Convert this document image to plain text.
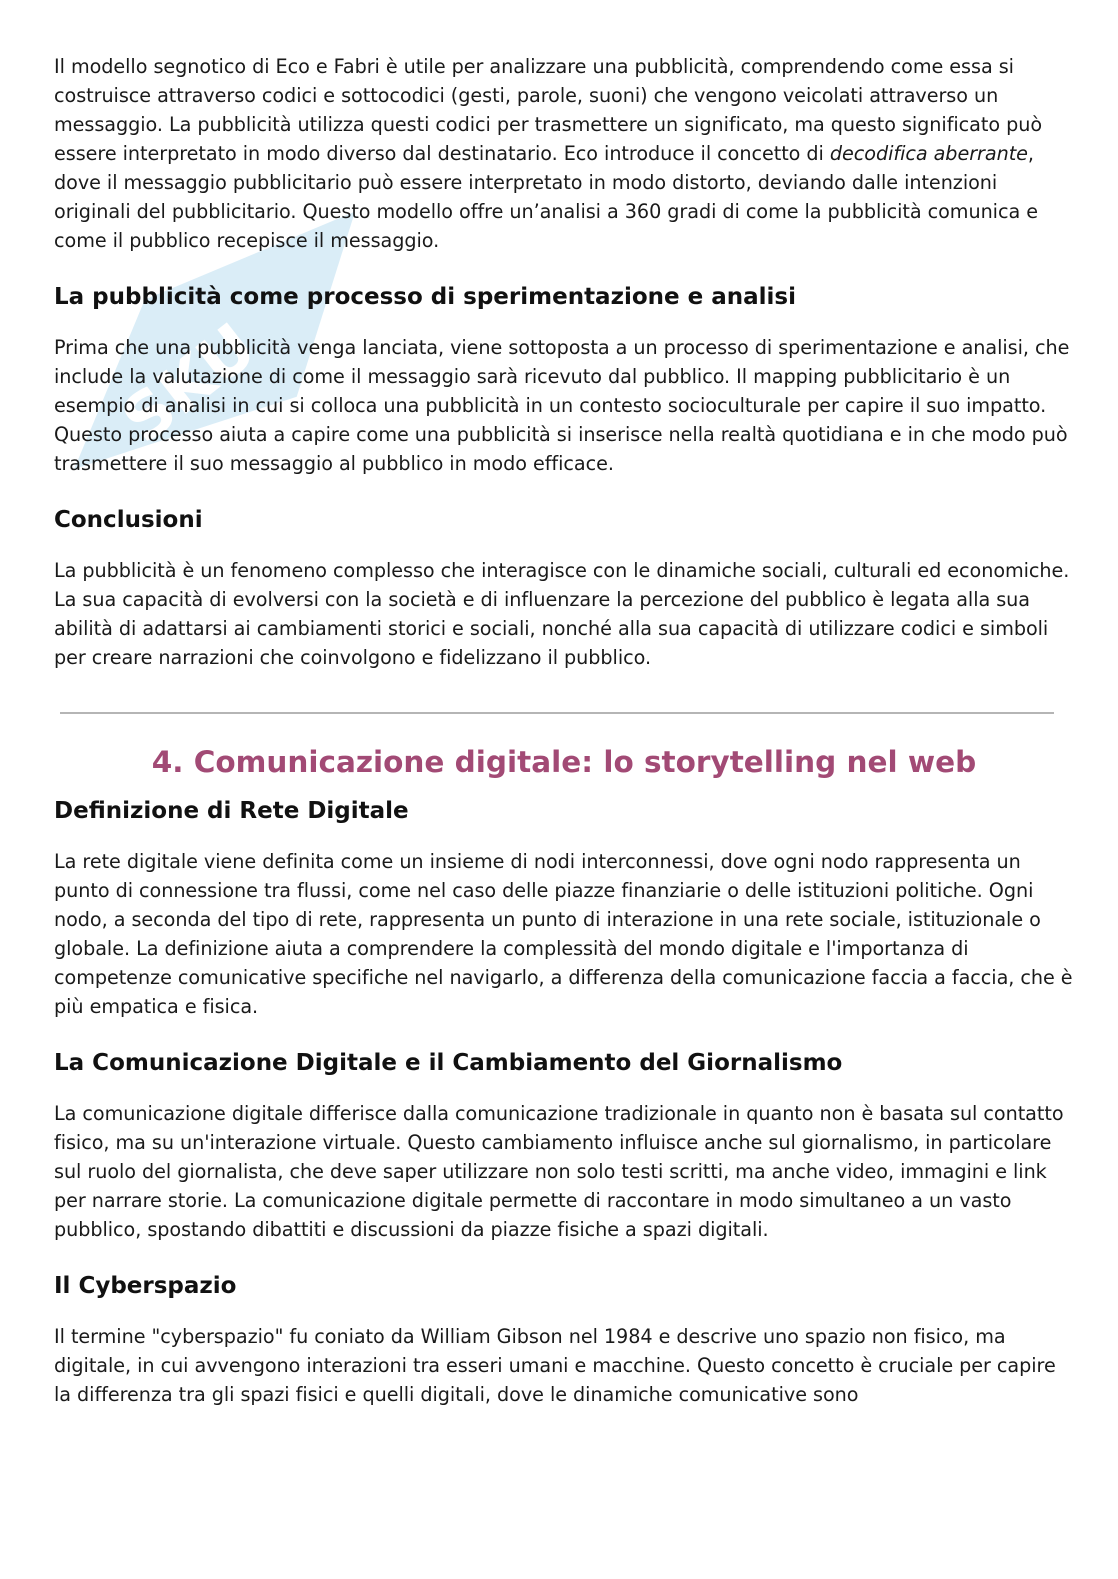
SKU

Il modello segnotico di Eco e Fabri è utile per analizzare una pubblicità, comprendendo come essa si costruisce attraverso codici e sottocodici (gesti, parole, suoni) che vengono veicolati attraverso un messaggio. La pubblicità utilizza questi codici per trasmettere un significato, ma questo significato può essere interpretato in modo diverso dal destinatario. Eco introduce il concetto di decodifica aberrante, dove il messaggio pubblicitario può essere interpretato in modo distorto, deviando dalle intenzioni originali del pubblicitario. Questo modello offre un’analisi a 360 gradi di come la pubblicità comunica e come il pubblico recepisce il messaggio.

La pubblicità come processo di sperimentazione e analisi

Prima che una pubblicità venga lanciata, viene sottoposta a un processo di sperimentazione e analisi, che include la valutazione di come il messaggio sarà ricevuto dal pubblico. Il mapping pubblicitario è un esempio di analisi in cui si colloca una pubblicità in un contesto socioculturale per capire il suo impatto. Questo processo aiuta a capire come una pubblicità si inserisce nella realtà quotidiana e in che modo può trasmettere il suo messaggio al pubblico in modo efficace.

Conclusioni

La pubblicità è un fenomeno complesso che interagisce con le dinamiche sociali, culturali ed economiche. La sua capacità di evolversi con la società e di influenzare la percezione del pubblico è legata alla sua abilità di adattarsi ai cambiamenti storici e sociali, nonché alla sua capacità di utilizzare codici e simboli per creare narrazioni che coinvolgono e fidelizzano il pubblico.

4. Comunicazione digitale: lo storytelling nel web
Definizione di Rete Digitale

La rete digitale viene definita come un insieme di nodi interconnessi, dove ogni nodo rappresenta un punto di connessione tra flussi, come nel caso delle piazze finanziarie o delle istituzioni politiche. Ogni nodo, a seconda del tipo di rete, rappresenta un punto di interazione in una rete sociale, istituzionale o globale. La definizione aiuta a comprendere la complessità del mondo digitale e l'importanza di competenze comunicative specifiche nel navigarlo, a differenza della comunicazione faccia a faccia, che è più empatica e fisica.

La Comunicazione Digitale e il Cambiamento del Giornalismo

La comunicazione digitale differisce dalla comunicazione tradizionale in quanto non è basata sul contatto fisico, ma su un'interazione virtuale. Questo cambiamento influisce anche sul giornalismo, in particolare sul ruolo del giornalista, che deve saper utilizzare non solo testi scritti, ma anche video, immagini e link per narrare storie. La comunicazione digitale permette di raccontare in modo simultaneo a un vasto pubblico, spostando dibattiti e discussioni da piazze fisiche a spazi digitali.

Il Cyberspazio

Il termine "cyberspazio" fu coniato da William Gibson nel 1984 e descrive uno spazio non fisico, ma digitale, in cui avvengono interazioni tra esseri umani e macchine. Questo concetto è cruciale per capire la differenza tra gli spazi fisici e quelli digitali, dove le dinamiche comunicative sono
